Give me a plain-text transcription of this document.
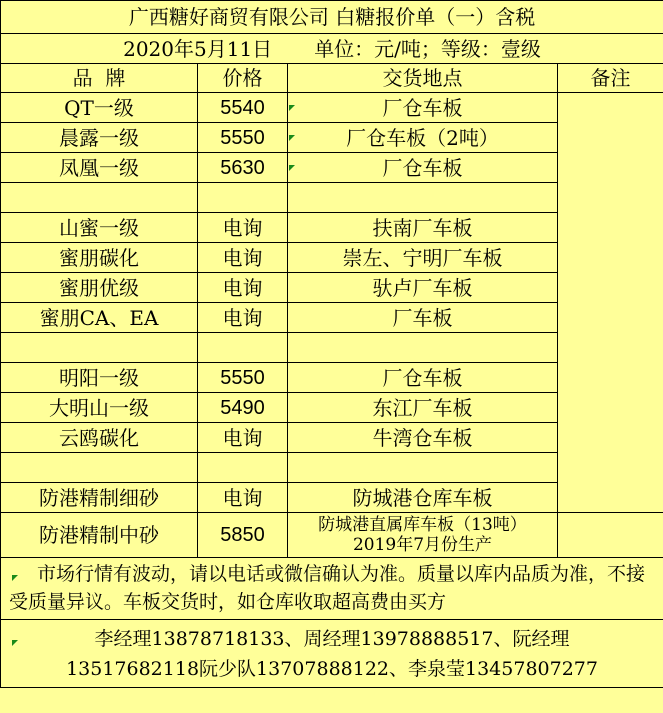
广西糖好商贸有限公司 白糖报价单（一）含税			
2020年5月11日 单位：元/吨；等级：壹级			
品  牌	价格	交货地点	备注
QT一级	5540	厂仓车板	
晨露一级	5550	厂仓车板（2吨）	
凤凰一级	5630	厂仓车板	

山蜜一级	电询	扶南厂车板	
蜜朋碳化	电询	崇左、宁明厂车板	
蜜朋优级	电询	驮卢厂车板	
蜜朋CA、EA	电询	厂车板	

明阳一级	5550	厂仓车板	
大明山一级	5490	东江厂车板	
云鸥碳化	电询	牛湾仓车板	

防港精制细砂	电询	防城港仓库车板	
防港精制中砂	5850	防城港直属库车板（13吨）
2019年7月份生产	

市场行情有波动，请以电话或微信确认为准。质量以库内品质为准，不接受质量异议。车板交货时，如仓库收取超高费由买方			

李经理13878718133、周经理13978888517、阮经理
13517682118阮少队13707888122、李泉莹13457807277			
